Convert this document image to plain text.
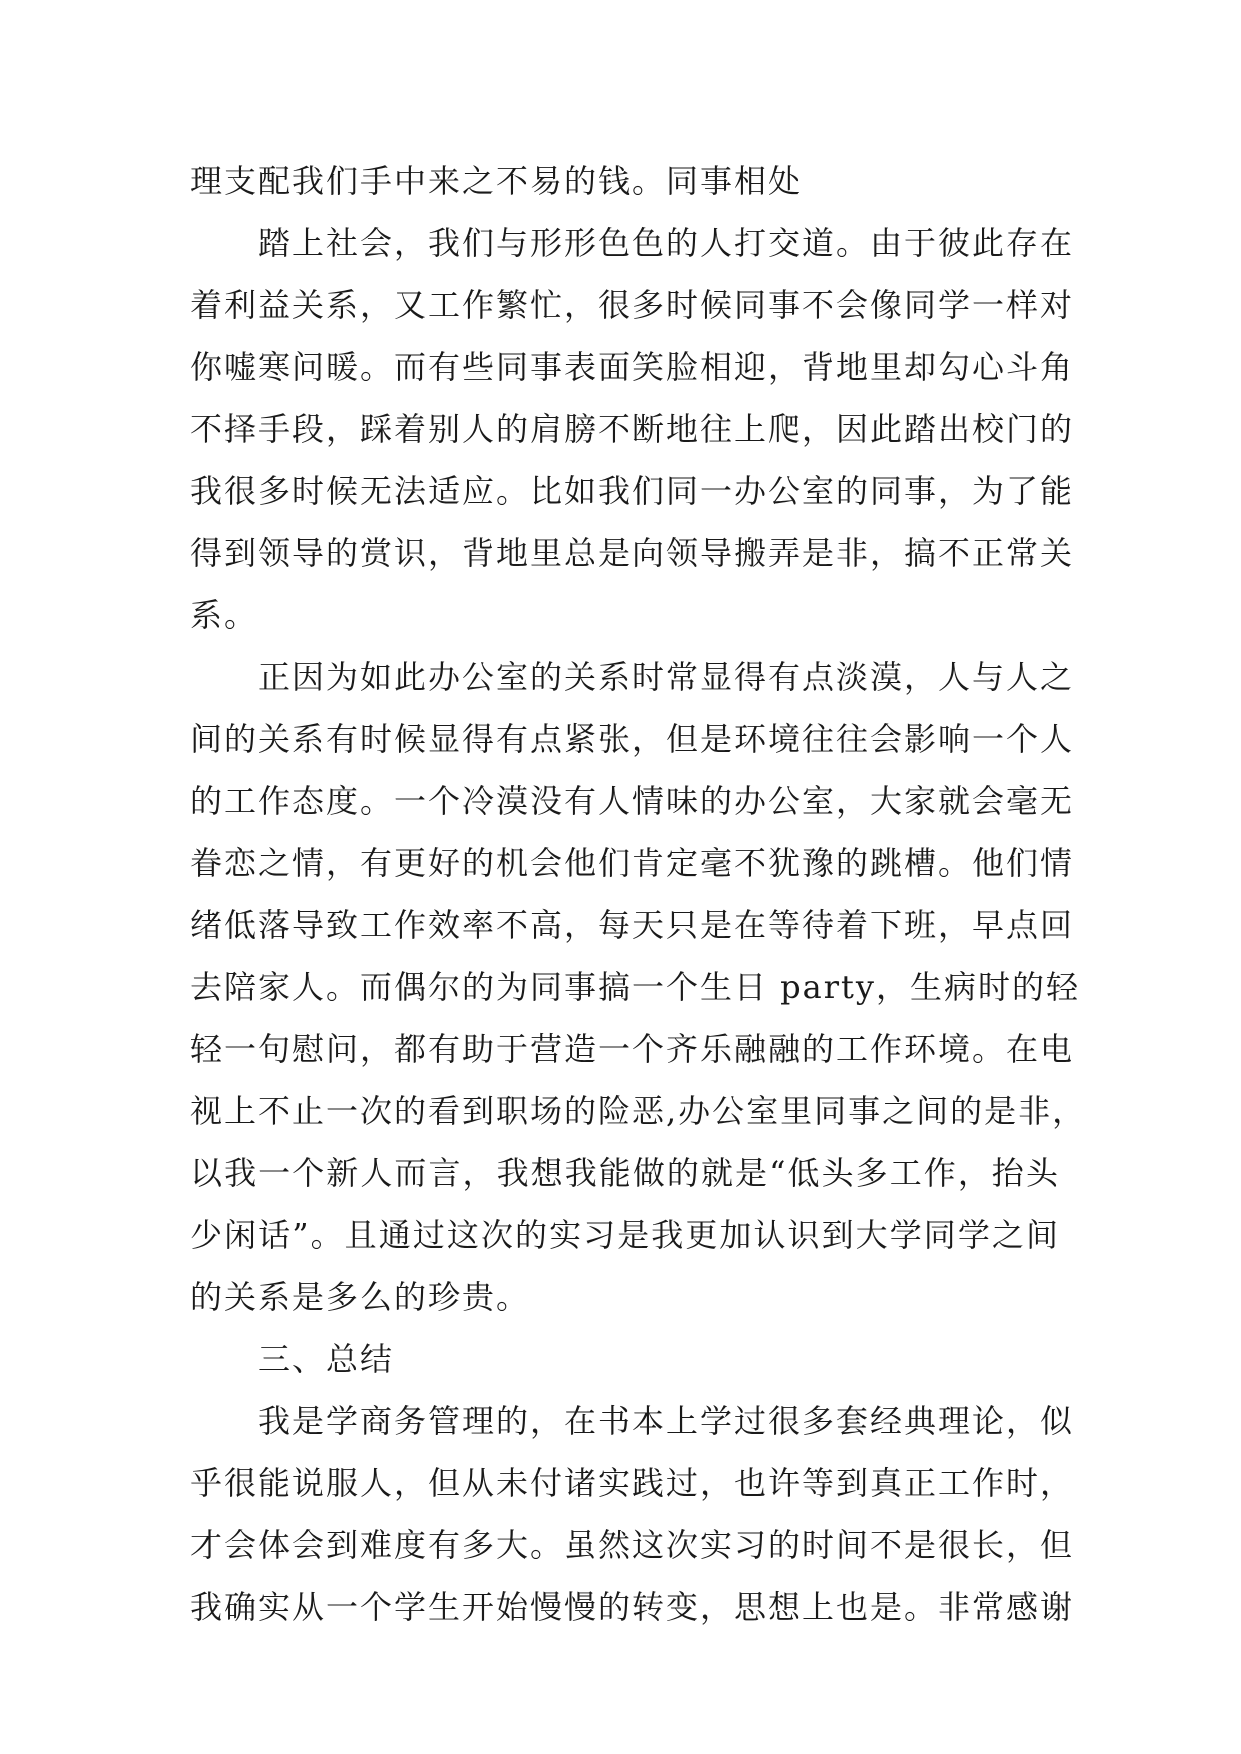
理支配我们手中来之不易的钱。同事相处
踏上社会，我们与形形色色的人打交道。由于彼此存在
着利益关系，又工作繁忙，很多时候同事不会像同学一样对
你嘘寒问暖。而有些同事表面笑脸相迎，背地里却勾心斗角
不择手段，踩着别人的肩膀不断地往上爬，因此踏出校门的
我很多时候无法适应。比如我们同一办公室的同事，为了能
得到领导的赏识，背地里总是向领导搬弄是非，搞不正常关
系。
正因为如此办公室的关系时常显得有点淡漠，人与人之
间的关系有时候显得有点紧张，但是环境往往会影响一个人
的工作态度。一个冷漠没有人情味的办公室，大家就会毫无
眷恋之情，有更好的机会他们肯定毫不犹豫的跳槽。他们情
绪低落导致工作效率不高，每天只是在等待着下班，早点回
去陪家人。而偶尔的为同事搞一个生日 party，生病时的轻
轻一句慰问，都有助于营造一个齐乐融融的工作环境。在电
视上不止一次的看到职场的险恶,办公室里同事之间的是非，
以我一个新人而言，我想我能做的就是“低头多工作，抬头
少闲话”。且通过这次的实习是我更加认识到大学同学之间
的关系是多么的珍贵。
三、总结
我是学商务管理的，在书本上学过很多套经典理论，似
乎很能说服人，但从未付诸实践过，也许等到真正工作时，
才会体会到难度有多大。虽然这次实习的时间不是很长，但
我确实从一个学生开始慢慢的转变，思想上也是。非常感谢
